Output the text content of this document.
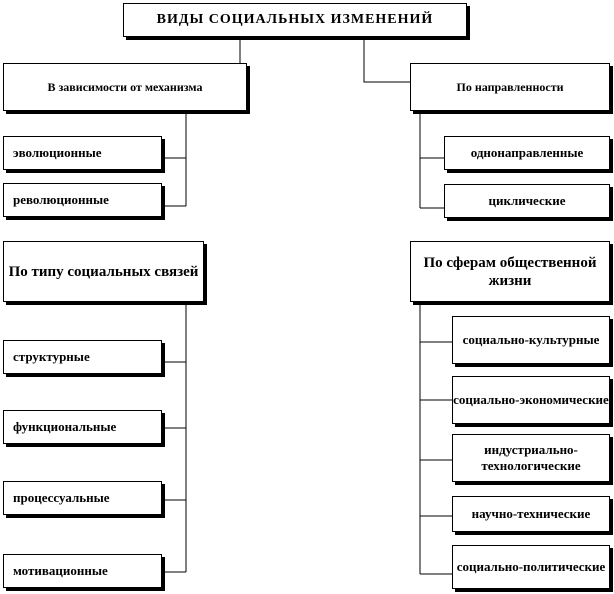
ВИДЫ СОЦИАЛЬНЫХ ИЗМЕНЕНИЙ
В зависимости от механизма
эволюционные
революционные
По направленности
однонаправленные
циклические
По типу социальных связей
структурные
функциональные
процессуальные
мотивационные
По сферам общественной жизни
социально-культурные
социально-экономические
индустриально-технологические
научно-технические
социально-политические
